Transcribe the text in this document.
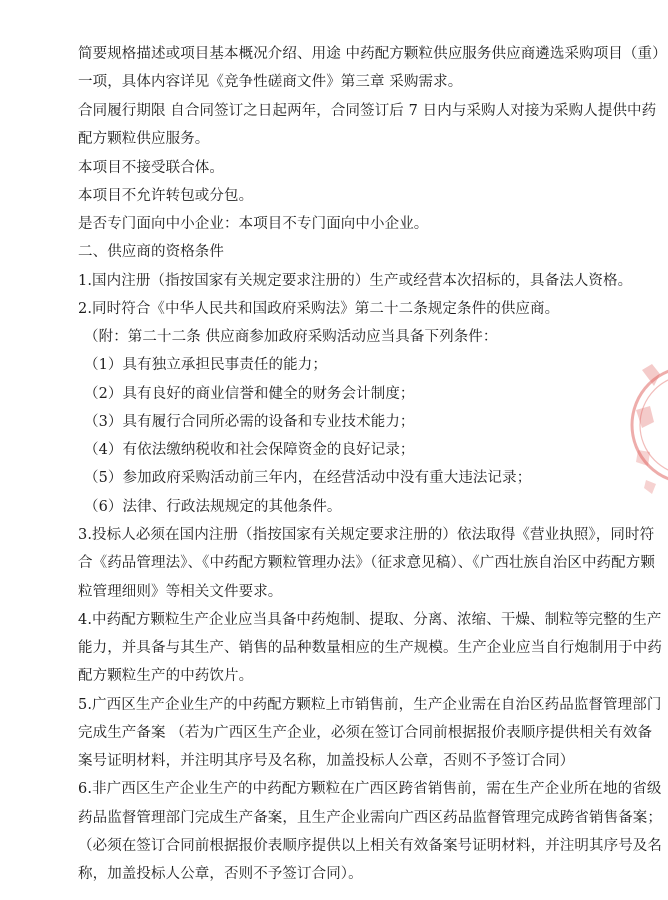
简要规格描述或项目基本概况介绍、用途 中药配方颗粒供应服务供应商遴选采购项目（重）
一项，具体内容详见《竞争性磋商文件》第三章 采购需求。
合同履行期限 自合同签订之日起两年，合同签订后 7 日内与采购人对接为采购人提供中药
配方颗粒供应服务。
本项目不接受联合体。
本项目不允许转包或分包。
是否专门面向中小企业：本项目不专门面向中小企业。
二、供应商的资格条件
1.国内注册（指按国家有关规定要求注册的）生产或经营本次招标的，具备法人资格。
2.同时符合《中华人民共和国政府采购法》第二十二条规定条件的供应商。
（附：第二十二条 供应商参加政府采购活动应当具备下列条件：
（1）具有独立承担民事责任的能力；
（2）具有良好的商业信誉和健全的财务会计制度；
（3）具有履行合同所必需的设备和专业技术能力；
（4）有依法缴纳税收和社会保障资金的良好记录；
（5）参加政府采购活动前三年内，在经营活动中没有重大违法记录；
（6）法律、行政法规规定的其他条件。
3.投标人必须在国内注册（指按国家有关规定要求注册的）依法取得《营业执照》，同时符
合《药品管理法》、《中药配方颗粒管理办法》（征求意见稿）、《广西壮族自治区中药配方颗
粒管理细则》等相关文件要求。
4.中药配方颗粒生产企业应当具备中药炮制、提取、分离、浓缩、干燥、制粒等完整的生产
能力，并具备与其生产、销售的品种数量相应的生产规模。生产企业应当自行炮制用于中药
配方颗粒生产的中药饮片。
5.广西区生产企业生产的中药配方颗粒上市销售前，生产企业需在自治区药品监督管理部门
完成生产备案 （若为广西区生产企业，必须在签订合同前根据报价表顺序提供相关有效备
案号证明材料，并注明其序号及名称，加盖投标人公章，否则不予签订合同）
6.非广西区生产企业生产的中药配方颗粒在广西区跨省销售前，需在生产企业所在地的省级
药品监督管理部门完成生产备案，且生产企业需向广西区药品监督管理完成跨省销售备案；
（必须在签订合同前根据报价表顺序提供以上相关有效备案号证明材料，并注明其序号及名
称，加盖投标人公章，否则不予签订合同）。
